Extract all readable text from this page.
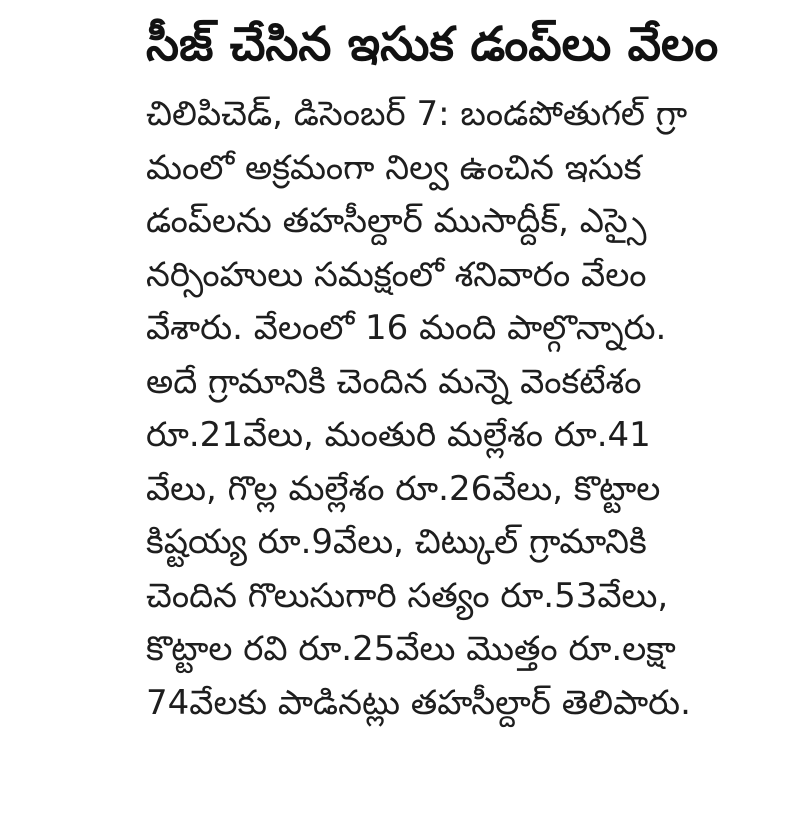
సీజ్ చేసిన ఇసుక డంప్‌లు వేలం
చిలిపిచెడ్, డిసెంబర్ 7: బండపోతుగల్ గ్రా
మంలో అక్రమంగా నిల్వ ఉంచిన ఇసుక
డంప్‌లను తహసీల్దార్ ముసాద్దీక్, ఎస్సై
నర్సింహులు సమక్షంలో శనివారం వేలం
వేశారు. వేలంలో 16 మంది పాల్గొన్నారు.
అదే గ్రామానికి చెందిన మన్నె వెంకటేశం
రూ.21వేలు, మంతురి మల్లేశం రూ.41
వేలు, గొల్ల మల్లేశం రూ.26వేలు, కొట్టాల
కిష్టయ్య రూ.9వేలు, చిట్కుల్ గ్రామానికి
చెందిన గొలుసుగారి సత్యం రూ.53వేలు,
కొట్టాల రవి రూ.25వేలు మొత్తం రూ.లక్షా
74వేలకు పాడినట్లు తహసీల్దార్ తెలిపారు.
